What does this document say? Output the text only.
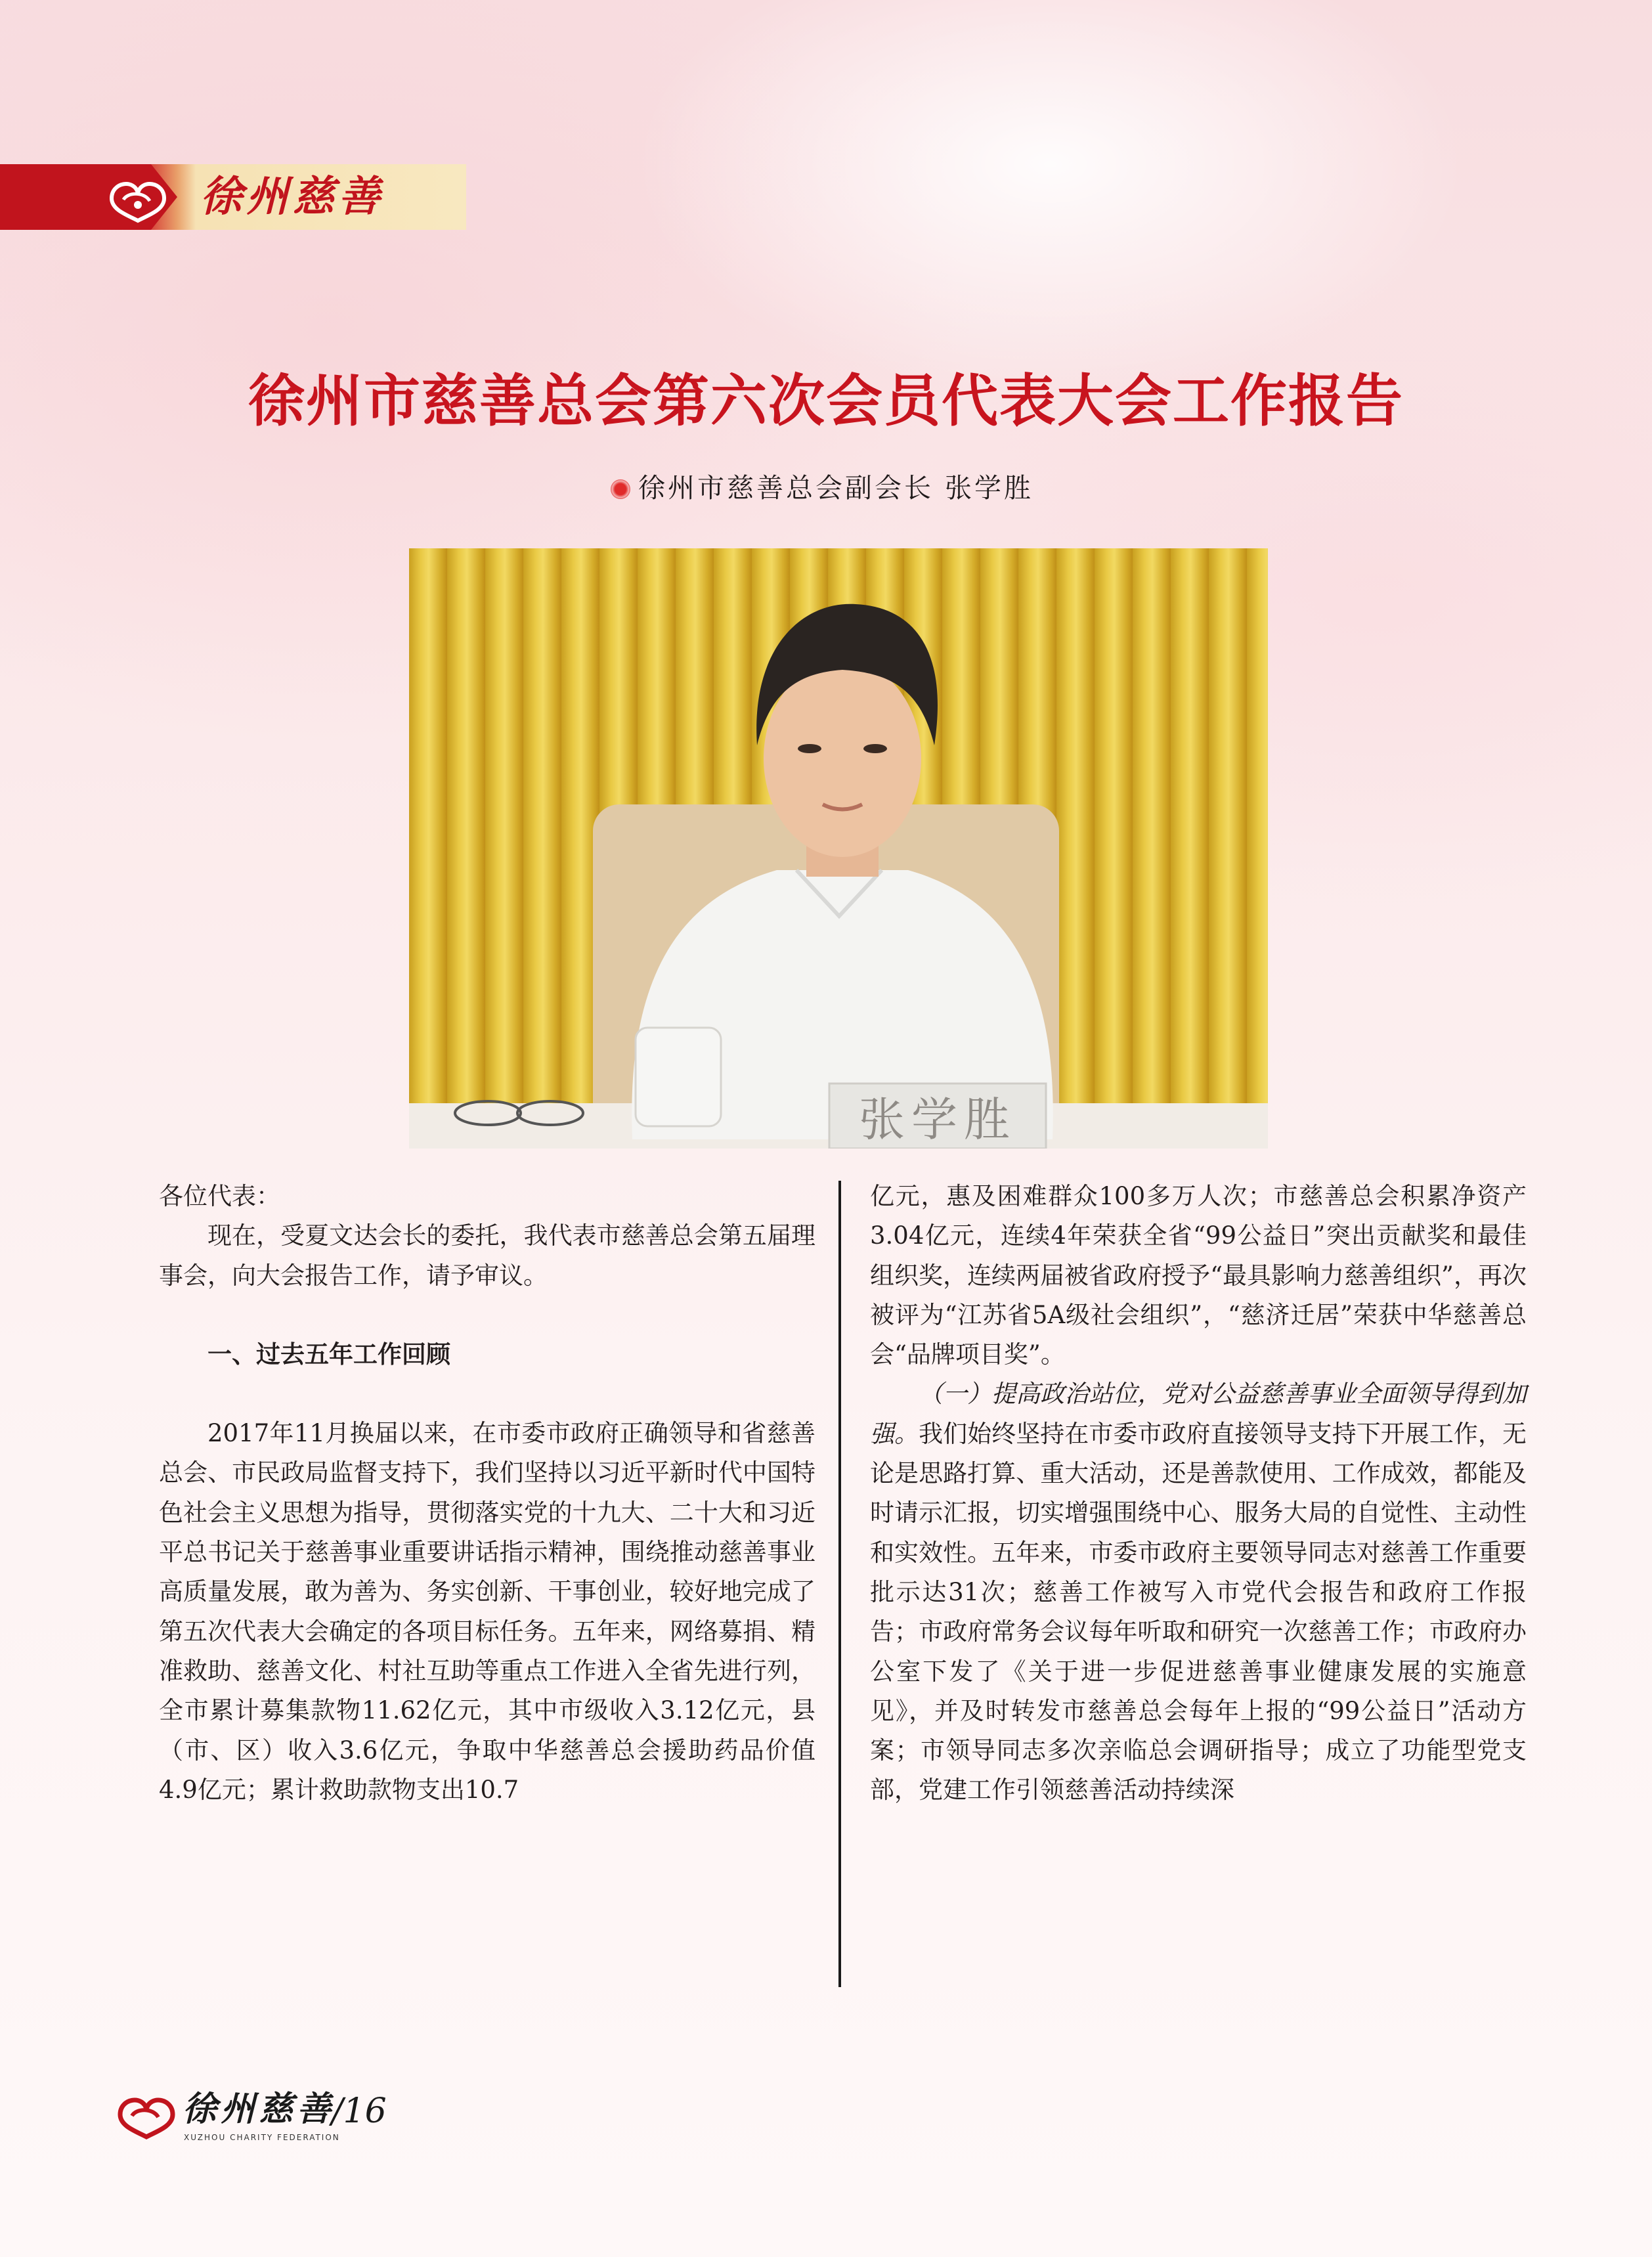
徐州慈善
徐州市慈善总会第六次会员代表大会工作报告
徐州市慈善总会副会长 张学胜
张学胜

各位代表：

现在，受夏文达会长的委托，我代表市慈善总会第五届理事会，向大会报告工作，请予审议。

一、过去五年工作回顾

2017年11月换届以来，在市委市政府正确领导和省慈善总会、市民政局监督支持下，我们坚持以习近平新时代中国特色社会主义思想为指导，贯彻落实党的十九大、二十大和习近平总书记关于慈善事业重要讲话指示精神，围绕推动慈善事业高质量发展，敢为善为、务实创新、干事创业，较好地完成了第五次代表大会确定的各项目标任务。五年来，网络募捐、精准救助、慈善文化、村社互助等重点工作进入全省先进行列，全市累计募集款物11.62亿元，其中市级收入3.12亿元，县（市、区）收入3.6亿元，争取中华慈善总会援助药品价值4.9亿元；累计救助款物支出10.7

亿元，惠及困难群众100多万人次；市慈善总会积累净资产3.04亿元，连续4年荣获全省“99公益日”突出贡献奖和最佳组织奖，连续两届被省政府授予“最具影响力慈善组织”，再次被评为“江苏省5A级社会组织”，“慈济迁居”荣获中华慈善总会“品牌项目奖”。

（一）提高政治站位，党对公益慈善事业全面领导得到加强。我们始终坚持在市委市政府直接领导支持下开展工作，无论是思路打算、重大活动，还是善款使用、工作成效，都能及时请示汇报，切实增强围绕中心、服务大局的自觉性、主动性和实效性。五年来，市委市政府主要领导同志对慈善工作重要批示达31次；慈善工作被写入市党代会报告和政府工作报告；市政府常务会议每年听取和研究一次慈善工作；市政府办公室下发了《关于进一步促进慈善事业健康发展的实施意见》，并及时转发市慈善总会每年上报的“99公益日”活动方案；市领导同志多次亲临总会调研指导；成立了功能型党支部，党建工作引领慈善活动持续深

徐州慈善
XUZHOU CHARITY FEDERATION
/16
